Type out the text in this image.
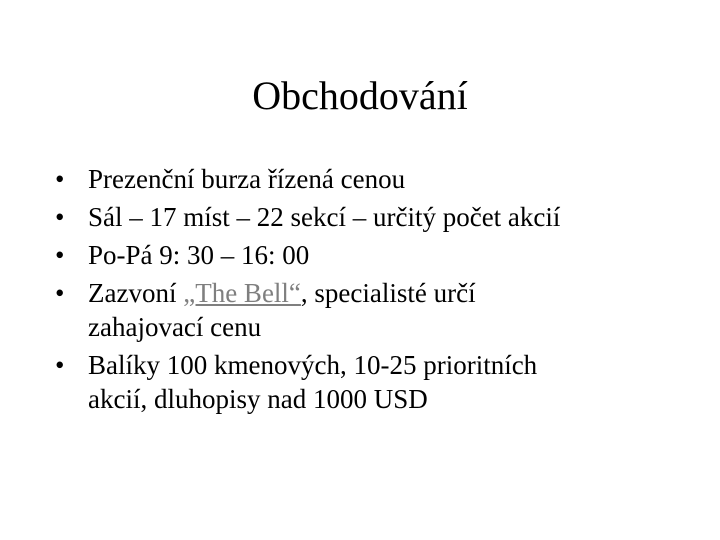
Obchodování
• Prezenční burza řízená cenou
• Sál – 17 míst – 22 sekcí – určitý počet akcií
• Po-Pá 9: 30 – 16: 00
• Zazvoní „The Bell“, specialisté určí
zahajovací cenu
• Balíky 100 kmenových, 10-25 prioritních
akcií, dluhopisy nad 1000 USD
